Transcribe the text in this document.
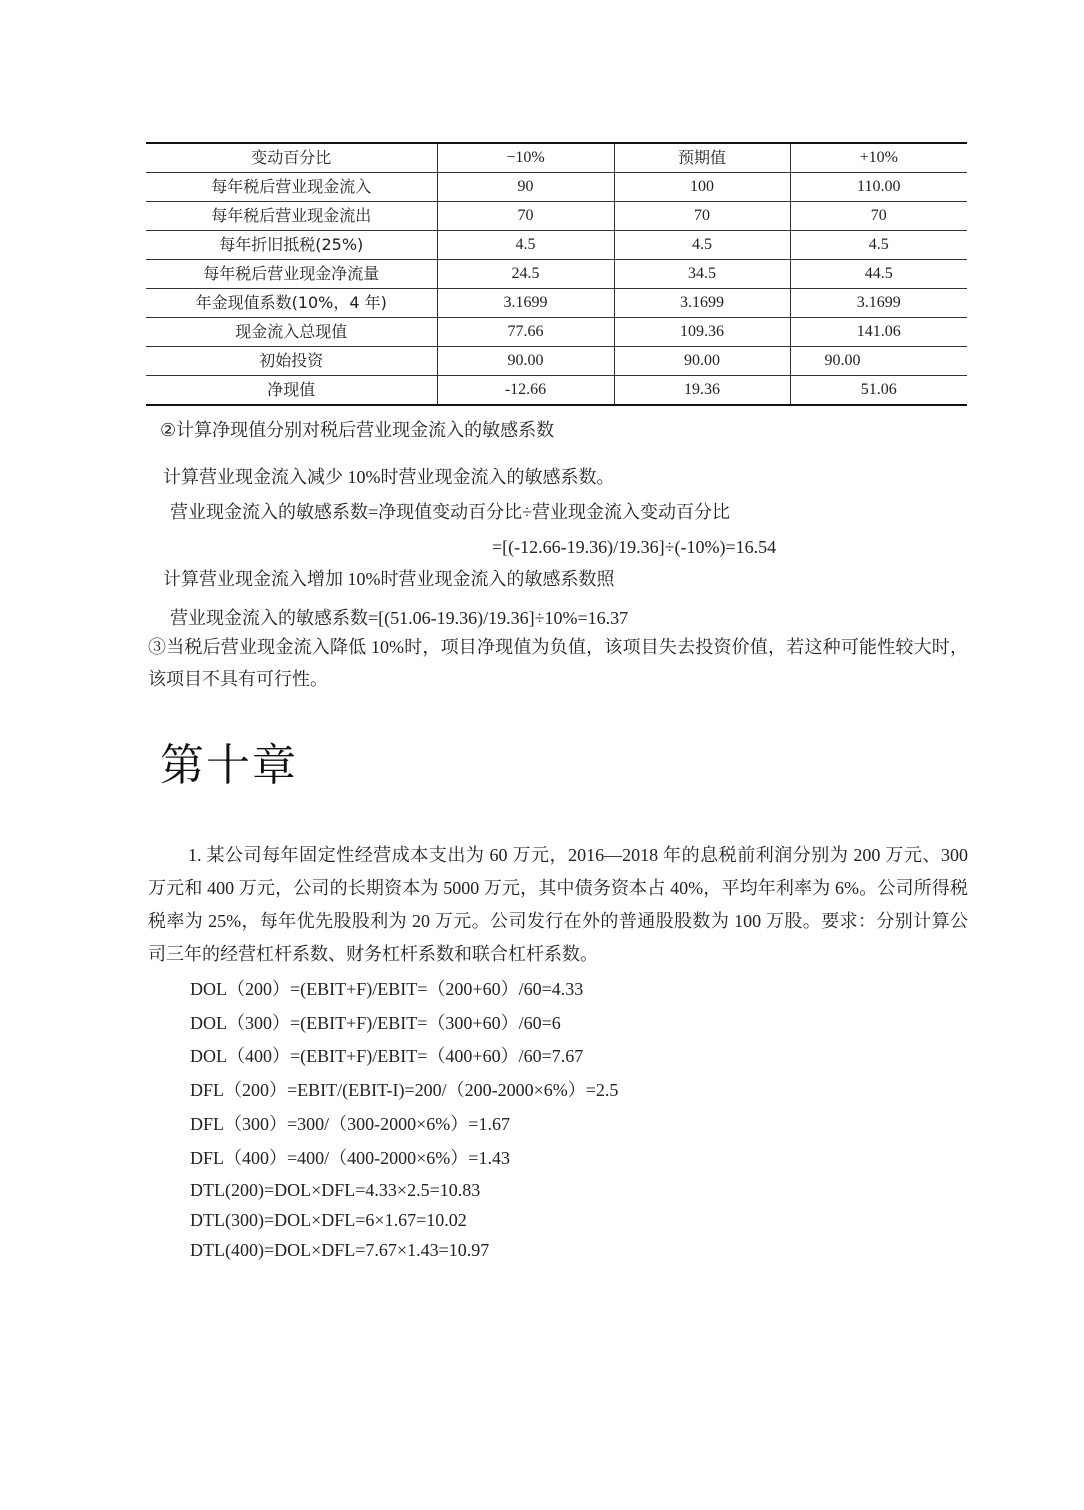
变动百分比	−10%	预期值	+10%
每年税后营业现金流入	90	100	110.00
每年税后营业现金流出	70	70	70
每年折旧抵税(25%)	4.5	4.5	4.5
每年税后营业现金净流量	24.5	34.5	44.5
年金现值系数(10%，4 年)	3.1699	3.1699	3.1699
现金流入总现值	77.66	109.36	141.06
初始投资	90.00	90.00	90.00
净现值	-12.66	19.36	51.06
②计算净现值分别对税后营业现金流入的敏感系数
计算营业现金流入减少 10%时营业现金流入的敏感系数。
营业现金流入的敏感系数=净现值变动百分比÷营业现金流入变动百分比
=[(-12.66-19.36)/19.36]÷(-10%)=16.54
计算营业现金流入增加 10%时营业现金流入的敏感系数照
营业现金流入的敏感系数=[(51.06-19.36)/19.36]÷10%=16.37
③当税后营业现金流入降低 10%时，项目净现值为负值，该项目失去投资价值，若这种可能性较大时，该项目不具有可行性。
第十章
1. 某公司每年固定性经营成本支出为 60 万元，2016—2018 年的息税前利润分别为 200 万元、300 万元和 400 万元，公司的长期资本为 5000 万元，其中债务资本占 40%，平均年利率为 6%。公司所得税税率为 25%，每年优先股股利为 20 万元。公司发行在外的普通股股数为 100 万股。要求：分别计算公司三年的经营杠杆系数、财务杠杆系数和联合杠杆系数。
DOL（200）=(EBIT+F)/EBIT=（200+60）/60=4.33
DOL（300）=(EBIT+F)/EBIT=（300+60）/60=6
DOL（400）=(EBIT+F)/EBIT=（400+60）/60=7.67
DFL（200）=EBIT/(EBIT-I)=200/（200-2000×6%）=2.5
DFL（300）=300/（300-2000×6%）=1.67
DFL（400）=400/（400-2000×6%）=1.43
DTL(200)=DOL×DFL=4.33×2.5=10.83
DTL(300)=DOL×DFL=6×1.67=10.02
DTL(400)=DOL×DFL=7.67×1.43=10.97
